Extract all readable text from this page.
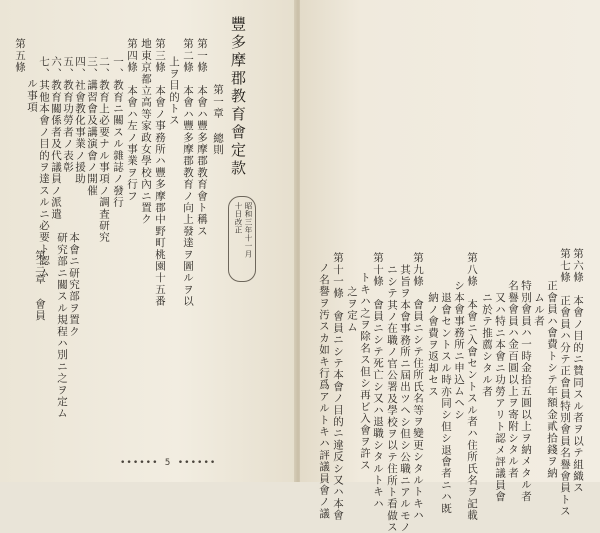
豐多摩郡教育會定款
昭和三年十一月
十日改正
第一章 總則
第一條　本會ハ豐多摩郡教育會ト稱ス
第二條　本會ハ豐多摩郡教育ノ向上發達ヲ圖ルヲ以
上ヲ目的トス
第三條　本會ノ事務所ハ豐多摩郡中野町桃園十五番
地東京都立高等家政女學校內ニ置ク
第四條　本會ハ左ノ事業ヲ行フ
一、教育ニ關スル雜誌ノ發行
二、教育上必要ナル事項ノ調査研究
三、講習會及講演會ノ開催
四、社會教化事業ノ援助
五、教育功勞者ノ表彰
六、教育關係者及代議員ノ派遣
七、其他本會ノ目的ヲ達スルニ必要ト認ム
ル事項
第五條
本會ニ研究部ヲ置ク
研究部ニ關スル規程ハ別ニ之ヲ定ム
第三章 會員	第六條　本會ノ目的ニ贊同スル者ヲ以テ組織ス
第七條　正會員ハ分テ正會員特別會員名譽會員トス
正會員ハ會費トシテ年額金貳拾錢ヲ納
ムル者
特別會員ハ一時金拾五圓以上ヲ納メタル者
名譽會員ハ金百圓以上ヲ寄附シタル者
又ハ特ニ本會ニ功勞アリト認メ評議員會
ニ於テ推薦シタル者
第八條　本會ニ入會セントスル者ハ住所氏名ヲ記載
シ本會事務所ニ申込ムヘシ
退會セントスル時亦同シ但シ退會者ニハ既
納ノ會費ヲ返却セス
第九條　會員ニシテ住所氏名等ヲ變更シタルトキハ
其旨ヲ本會事務所ニ屆出ツヘシ但シ公職ニアルモノ
ニシテ其ノ在職ノ官公署及學校ヲ以テ住所ト看做ス
第十條　會員ニシテ死亡シ又ハ退職シタルトキハ
トキハ之ヲ除名ス但シ再ビ入會ヲ許ス
之ヲ定ム
第十一條　會員ニシテ本會ノ目的ニ違反シ又ハ本會
ノ名譽ヲ汚スカ如キ行爲アルトキハ評議員會ノ議
•••••• 5 ••••••
